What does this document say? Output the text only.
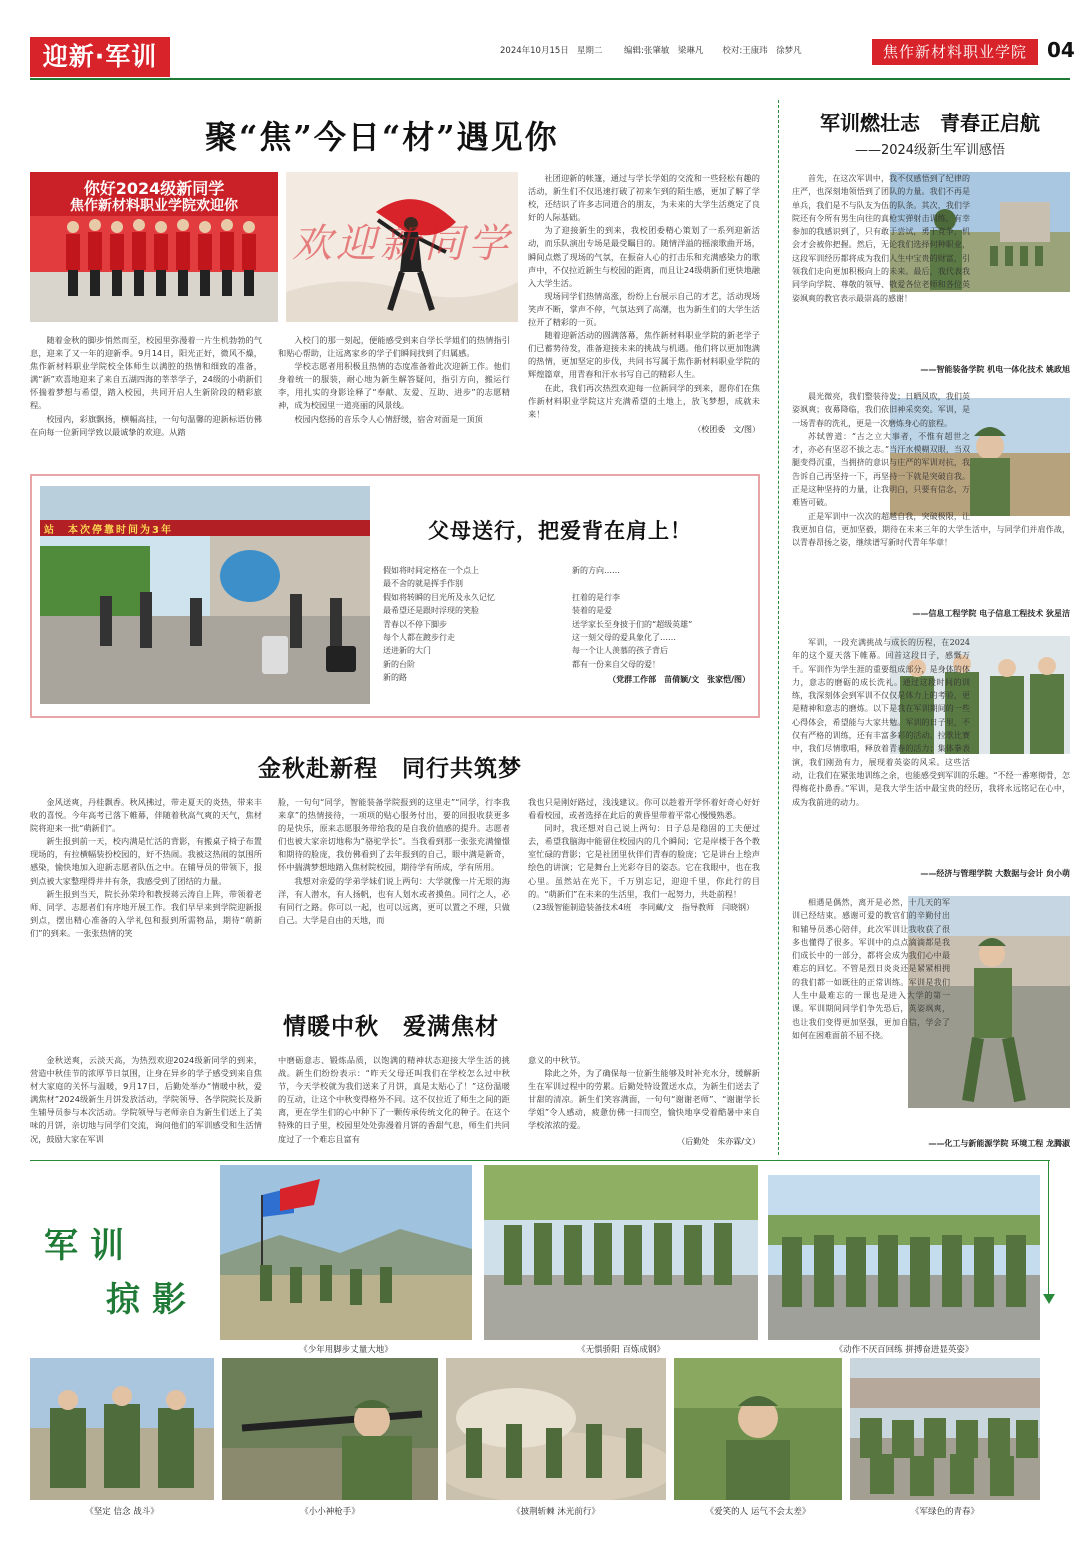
迎新·军训	2024年10月15日 星期二	编辑:张肇敏　梁琳凡 校对:王康玮　徐梦凡	焦作新材料职业学院	04
聚“焦”今日“材”遇见你
你好2024级新同学
焦作新材料职业学院欢迎你
欢迎新同学

随着金秋的脚步悄然而至，校园里弥漫着一片生机勃勃的气息，迎来了又一年的迎新季。9月14日，阳光正好，微风不燥，焦作新材料职业学院校全体师生以满腔的热情和细致的准备，满“新”欢喜地迎来了来自五湖四海的莘莘学子，24级的小萌新们怀揣着梦想与希望，踏入校园，共同开启人生新阶段的精彩旅程。

校园内，彩旗飘扬，横幅高挂，一句句温馨的迎新标语仿佛在向每一位新同学致以最诚挚的欢迎。从踏

入校门的那一刻起，便能感受到来自学长学姐们的热情指引和贴心帮助，让远离家乡的学子们瞬间找到了归属感。

学校志愿者用积极且热情的态度准备着此次迎新工作。他们身着统一的服装，耐心地为新生解答疑问，指引方向，搬运行李，用扎实的身影诠释了“奉献、友爱、互助、进步”的志愿精神，成为校园里一道亮丽的风景线。

校园内悠扬的音乐令人心情舒缓，宿舍对面是一顶顶

社团迎新的帐篷，通过与学长学姐的交流和一些轻松有趣的活动，新生们不仅迅速打破了初来乍到的陌生感，更加了解了学校，还结识了许多志同道合的朋友，为未来的大学生活奠定了良好的人际基础。

为了迎接新生的到来，我校团委精心策划了一系列迎新活动，而乐队演出专场是最受瞩目的。随情洋溢的摇滚歌曲开场，瞬间点燃了现场的气氛，在振奋人心的打击乐和充满感染力的歌声中，不仅拉近新生与校园的距离，而且让24级萌新们更快地融入大学生活。

现场同学们热情高涨，纷纷上台展示自己的才艺，活动现场笑声不断，掌声不停，气氛达到了高潮，也为新生们的大学生活拉开了精彩的一页。

随着迎新活动的圆满落幕，焦作新材料职业学院的新老学子们已蓄势待发，准备迎接未来的挑战与机遇。他们将以更加饱满的热情，更加坚定的步伐，共同书写属于焦作新材料职业学院的辉煌篇章，用青春和汗水书写自己的精彩人生。

在此，我们再次热烈欢迎每一位新同学的到来，愿你们在焦作新材料职业学院这片充满希望的土地上，放飞梦想，成就未来！

（校团委　文/图）
站　本次停靠时间为3年	父母送行，把爱背在肩上！
假如将时间定格在一个点上
最不舍的就是挥手作别
假如将转瞬的目光所及永久记忆
最希望还是跟时浮现的笑脸
青春以不停下脚步
每个人都在踱步行走
送进新的大门
新的台阶
新的路
新的方向……
扛着的是行李
装着的是爱
送学家长至身披于们的“超级英雄”
这一刻父母的爱具象化了……
每一个让人羡慕的孩子背后
都有一份来自父母的爱！
（党群工作部　苗倩颖/文　张家恺/图）
金秋赴新程　同行共筑梦

金风送爽，丹桂飘香。秋风拂过，带走夏天的炎热，带来丰收的喜悦。今年高考已落下帷幕，伴随着秋高气爽的天气，焦材院将迎来一批“萌新们”。

新生报到前一天，校内满是忙活的背影，有搬桌子椅子布置现场的，有拉横幅装扮校园的，好不热闹。我被这热闹的氛围所感染，愉快地加入迎新志愿者队伍之中。在辅导员的带领下，报到点被大家整理得井井有条，我感受到了团结的力量。

新生报到当天，院长孙荣玲和教授蒋云涛自上阵，带领着老师、同学、志愿者们有序地开展工作。我们早早来到学院迎新报到点，摆出精心准备的入学礼包和报到所需物品，期待“萌新们”的到来。一张张热情的笑

脸，一句句“同学，智能装备学院报到的这里走”“同学，行李我来拿”的热情接待，一项项的贴心服务付出，要的回报收获更多的是快乐，原来志愿服务带给我的是自我价值感的提升。志愿者们也被大家亲切地称为“骆驼学长”。当我看到那一张张充满憧憬和期待的脸庞，我仿佛看到了去年报到的自己，眼中满是新奇，怀中揣满梦想地踏入焦材院校园，期待学有所成，学有所用。

我想对亲爱的学弟学妹们说上两句：大学就像一片无垠的海洋，有人潜水，有人扬帆，也有人划水或者摸鱼。同行之人，必有同行之路。你可以一起，也可以远离，更可以置之不理，只做自己。大学是自由的天地，而

我也只是刚好路过，浅浅建议。你可以趁着开学怀着好奇心好好看看校园，或者选择在此后的黄昏里带着平常心慢慢熟悉。

同时，我还想对自己说上两句：日子总是稳固的工夫便过去，希望我脑海中能留住校园内的几个瞬间；它是岸楼于各个教室忙碌的背影；它是社团里伙伴们青春的脸庞；它是讲台上绘声绘色的讲演；它是舞台上光彩夺目的姿态。它在我眼中，也在我心里。虽然站在光下，千万别忘记，迎迎千里，你此行的目的。“萌新们”在未来的生活里，我们一起努力，共赴前程！

（23级智能制造装备技术4班　李同藏/文　指导教师　闫晓钢）
情暖中秋　爱满焦材

金秋送爽，云淡天高，为热烈欢迎2024级新同学的到来，营造中秋佳节的浓厚节日氛围，让身在异乡的学子感受到来自焦材大家庭的关怀与温暖，9月17日，后勤处举办“情暖中秋，爱满焦材”2024级新生月饼发放活动，学院领导、各学院院长及新生辅导员参与本次活动。学院领导与老师亲自为新生们送上了美味的月饼，亲切地与同学们交流，询问他们的军训感受和生活情况，鼓励大家在军训

中磨砺意志、锻炼品质，以饱满的精神状态迎接大学生活的挑战。新生们纷纷表示：“昨天父母还叫我们在学校怎么过中秋节，今天学校就为我们送来了月饼，真是太贴心了！”这份温暖的互动，让这个中秋变得格外不同。这不仅拉近了师生之间的距离，更在学生们的心中种下了一颗传承传统文化的种子。在这个特殊的日子里，校园里处处弥漫着月饼的香甜气息，师生们共同度过了一个难忘且富有

意义的中秋节。

除此之外，为了确保每一位新生能够及时补充水分，缓解新生在军训过程中的劳累。后勤处特设置送水点，为新生们送去了甘甜的清凉。新生们笑容满面，一句句“谢谢老师”、“谢谢学长学姐”令人感动，疲惫仿佛一扫而空，愉快地享受着酷暑中来自学校浓浓的爱。

（后勤处　朱亦霖/文）
军训燃壮志　青春正启航
——2024级新生军训感悟

首先，在这次军训中，我不仅感悟到了纪律的庄严，也深刻地领悟到了团队的力量。我们不再是单兵，我们是不与队友为伍的队条。其次，我们学院还有令所有男生向往的真枪实弹射击训练，有幸参加的我感识到了，只有敢于尝试，勇于竞争，机会才会被你把握。然后，无论我们选择何种职业，这段军训经历都将成为我们人生中宝贵的财富，引领我们走向更加积极向上的未来。最后，我代表我同学向学院、尊敬的领导、敬爱各位老师和各位英姿飒爽的教官表示最崇高的感谢！

——智能装备学院 机电一体化技术 姚政旭

晨光微亮，我们整装待发；日晒风吹，我们英姿飒爽；夜幕降临，我们依旧神采奕奕。军训，是一场青春的洗礼，更是一次磨炼身心的旅程。

苏轼曾道：“古之立大事者，不惟有超世之才，亦必有坚忍不拔之志。”当汗水模糊双眼，当双腿变得沉重，当拥挤的意识与庄严的军训对抗，我告诉自己再坚持一下，再坚持一下就是突破自我。正是这种坚持的力量，让我明白，只要有信念，万难皆可破。

正是军训中一次次的超越自我，突破极限，让我更加自信，更加坚毅，期待在未来三年的大学生活中，与同学们并肩作战，以青春昂扬之姿，继续谱写新时代青年华章！

——信息工程学院 电子信息工程技术 狄星洁

军训，一段充满挑战与成长的历程，在2024年的这个夏天落下帷幕。回首这段日子，感慨万千。军训作为学生涯的重要组成部分，是身体的体力，意志的磨砺的成长洗礼。通过这段时间的训练，我深刻体会到军训不仅仅是体力上的考验，更是精神和意志的磨炼。以下是我在军训期间的一些心得体会，希望能与大家共勉。军训的日子里，不仅有严格的训练，还有丰富多彩的活动。拉歌比赛中，我们尽情歌唱，释放着青春的活力；集体拳表演，我们刚劲有力，展现着英姿的风采。这些活动，让我们在紧张地训练之余，也能感受到军训的乐趣。“不经一番寒彻骨，怎得梅花扑鼻香。”军训，是我大学生活中最宝贵的经历，我将永远铭记在心中，成为我前进的动力。

——经济与管理学院 大数据与会计 贠小萌

相遇是偶然，离开是必然，十几天的军训已经结束。感谢可爱的教官们的辛勤付出和辅导员悉心陪伴，此次军训让我收获了很多也懂得了很多。军训中的点点滴滴都是我们成长中的一部分，都将会成为我们心中最难忘的回忆。不管是烈日炎炎还是紧紧相拥的我们都一如既往的正常训练。军训是我们人生中最难忘的一课也是进入大学的第一课。军训期间同学们争先恐后，英姿飒爽，也让我们变得更加坚强，更加自信，学会了如何在困难面前不屈不挠。

——化工与新能源学院 环境工程 龙腾淑
军训
掠影
《少年用脚步丈量大地》	《无惧骄阳 百炼成钢》	《动作不厌百回练 拼搏奋进显英姿》
《坚定 信念 战斗》	《小小神枪手》	《披荆斩棘 沐光前行》	《爱笑的人 运气不会太差》	《军绿色的青春》
